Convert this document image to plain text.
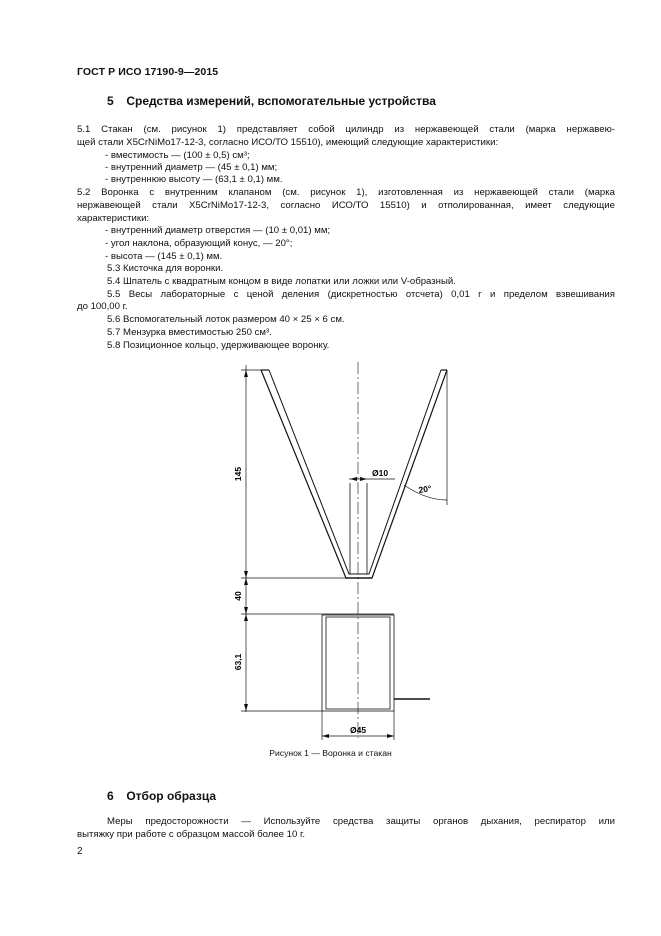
ГОСТ Р ИСО 17190-9—2015
5 Средства измерений, вспомогательные устройства
5.1 Стакан (см. рисунок 1) представляет собой цилиндр из нержавеющей стали (марка нержавею-
щей стали X5CrNiMo17-12-3, согласно ИСО/ТО 15510), имеющий следующие характеристики:
- вместимость — (100 ± 0,5) см³;
- внутренний диаметр — (45 ± 0,1) мм;
- внутреннюю высоту — (63,1 ± 0,1) мм.
5.2 Воронка с внутренним клапаном (см. рисунок 1), изготовленная из нержавеющей стали (марка
нержавеющей стали X5CrNiMo17-12-3, согласно ИСО/ТО 15510) и отполированная, имеет следующие
характеристики:
- внутренний диаметр отверстия — (10 ± 0,01) мм;
- угол наклона, образующий конус, — 20°;
- высота — (145 ± 0,1) мм.
5.3 Кисточка для воронки.
5.4 Шпатель с квадратным концом в виде лопатки или ложки или V-образный.
5.5 Весы лабораторные с ценой деления (дискретностью отсчета) 0,01 г и пределом взвешивания
до 100,00 г.
5.6 Вспомогательный лоток размером 40 × 25 × 6 см.
5.7 Мензурка вместимостью 250 см³.
5.8 Позиционное кольцо, удерживающее воронку.
145
40
63,1
Ø10
Ø45
20°
Рисунок 1 — Воронка и стакан
6 Отбор образца
Меры предосторожности — Используйте средства защиты органов дыхания, респиратор или
вытяжку при работе с образцом массой более 10 г.
2
